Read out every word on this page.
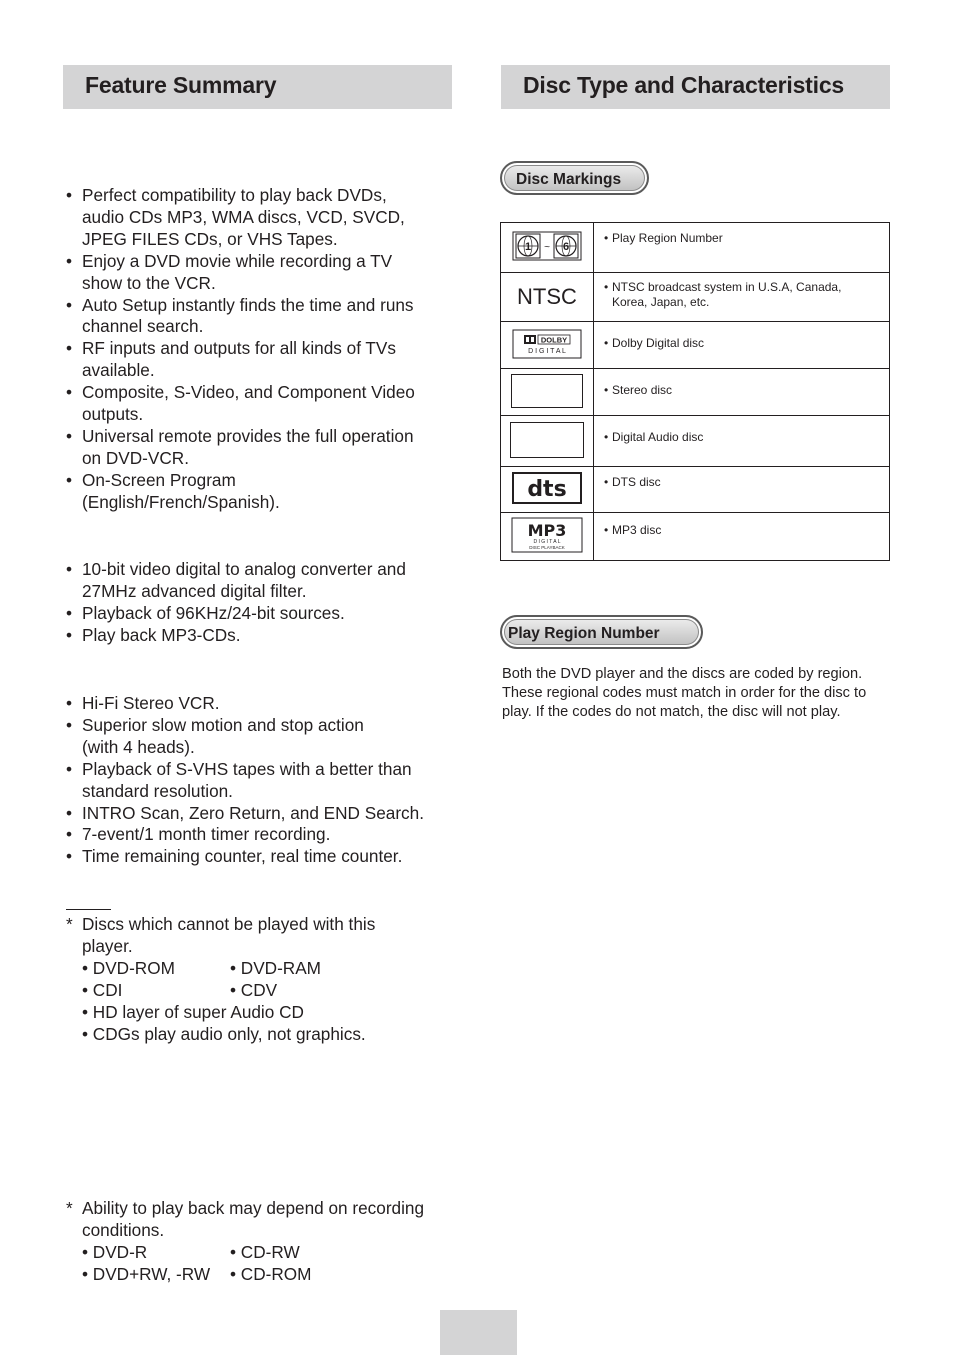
Feature Summary	Disc Type and Characteristics
• Perfect compatibility to play back DVDs,
audio CDs MP3, WMA discs, VCD, SVCD,
JPEG FILES CDs, or VHS Tapes.
• Enjoy a DVD movie while recording a TV
show to the VCR.
• Auto Setup instantly finds the time and runs
channel search.
• RF inputs and outputs for all kinds of TVs
available.
• Composite, S-Video, and Component Video
outputs.
• Universal remote provides the full operation
on DVD-VCR.
• On-Screen Program
(English/French/Spanish).
• 10-bit video digital to analog converter and
27MHz advanced digital filter.
• Playback of 96KHz/24-bit sources.
• Play back MP3-CDs.
• Hi-Fi Stereo VCR.
• Superior slow motion and stop action
(with 4 heads).
• Playback of S-VHS tapes with a better than
standard resolution.
• INTRO Scan, Zero Return, and END Search.
• 7-event/1 month timer recording.
• Time remaining counter, real time counter.
* Discs which cannot be played with this
player.
• DVD-ROM	• DVD-RAM
• CDI	• CDV
• HD layer of super Audio CD
• CDGs play audio only, not graphics.
* Ability to play back may depend on recording
conditions.
• DVD-R	• CD-RW
• DVD+RW, -RW	• CD-ROM
Disc Markings
1 ~ 6	• Play Region Number

NTSC	• NTSC broadcast system in U.S.A, Canada,
Korea, Japan, etc.

DOLBY
D I G I T A L	• Dolby Digital disc

	• Stereo disc

	• Digital Audio disc

dts	• DTS disc

MP3
D I G I T A L
DISC PLAYBACK	• MP3 disc
Play Region Number
Both the DVD player and the discs are coded by region. These regional codes must match in order for the disc to play. If the codes do not match, the disc will not play.
